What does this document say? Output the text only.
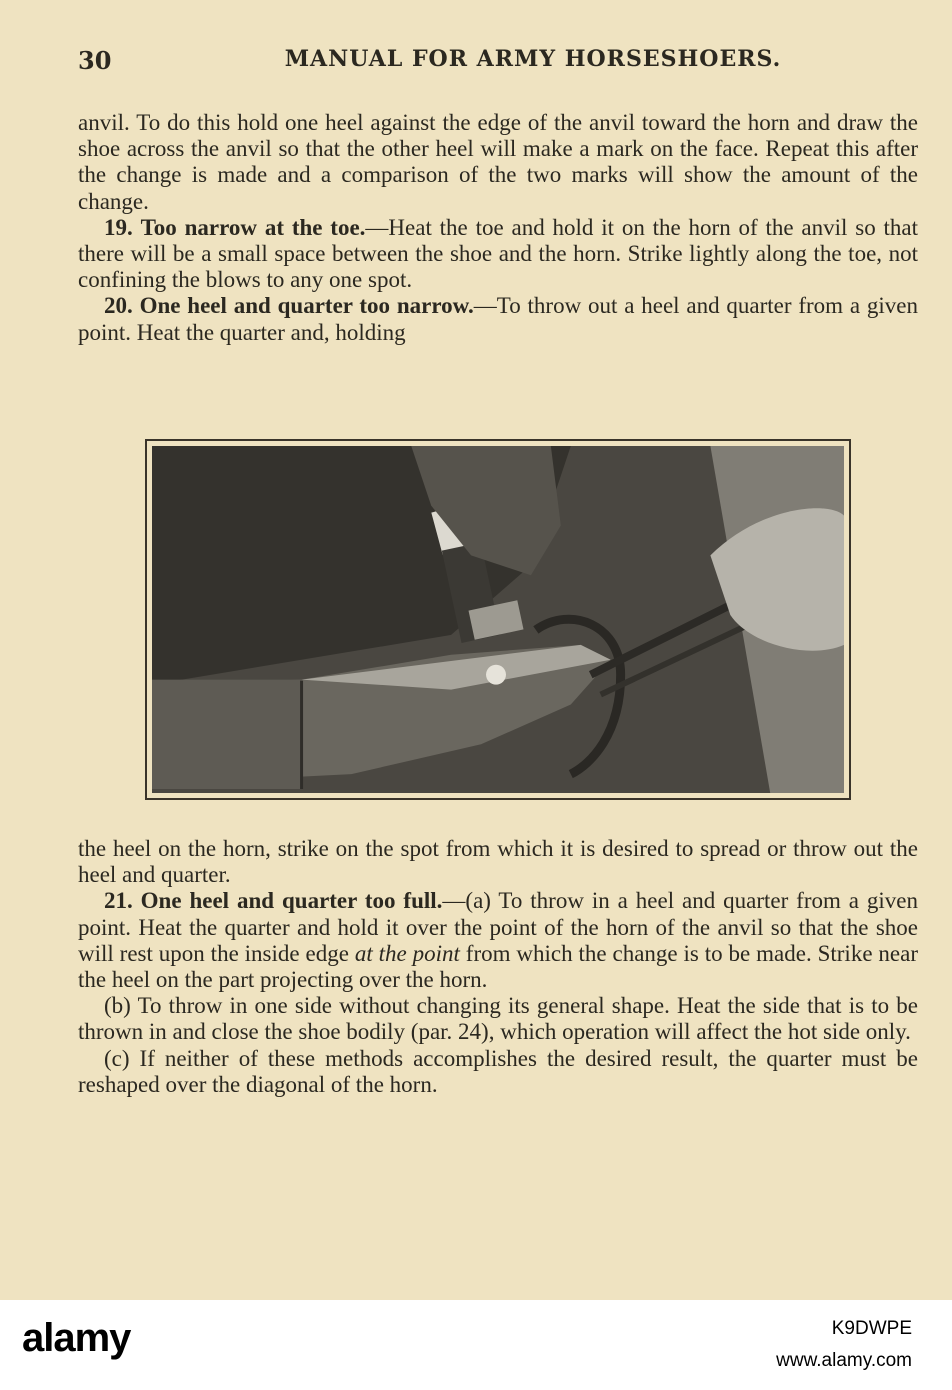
30	MANUAL FOR ARMY HORSESHOERS.

anvil. To do this hold one heel against the edge of the anvil toward the horn and draw the shoe across the anvil so that the other heel will make a mark on the face. Repeat this after the change is made and a comparison of the two marks will show the amount of the change.

19. Too narrow at the toe.—Heat the toe and hold it on the horn of the anvil so that there will be a small space between the shoe and the horn. Strike lightly along the toe, not confining the blows to any one spot.

20. One heel and quarter too narrow.—To throw out a heel and quarter from a given point. Heat the quarter and, holding

the heel on the horn, strike on the spot from which it is desired to spread or throw out the heel and quarter.

21. One heel and quarter too full.—(a) To throw in a heel and quarter from a given point. Heat the quarter and hold it over the point of the horn of the anvil so that the shoe will rest upon the inside edge at the point from which the change is to be made. Strike near the heel on the part projecting over the horn.

(b) To throw in one side without changing its general shape. Heat the side that is to be thrown in and close the shoe bodily (par. 24), which operation will affect the hot side only.

(c) If neither of these methods accomplishes the desired result, the quarter must be reshaped over the diagonal of the horn.

alamy	K9DWPE
www.alamy.com
